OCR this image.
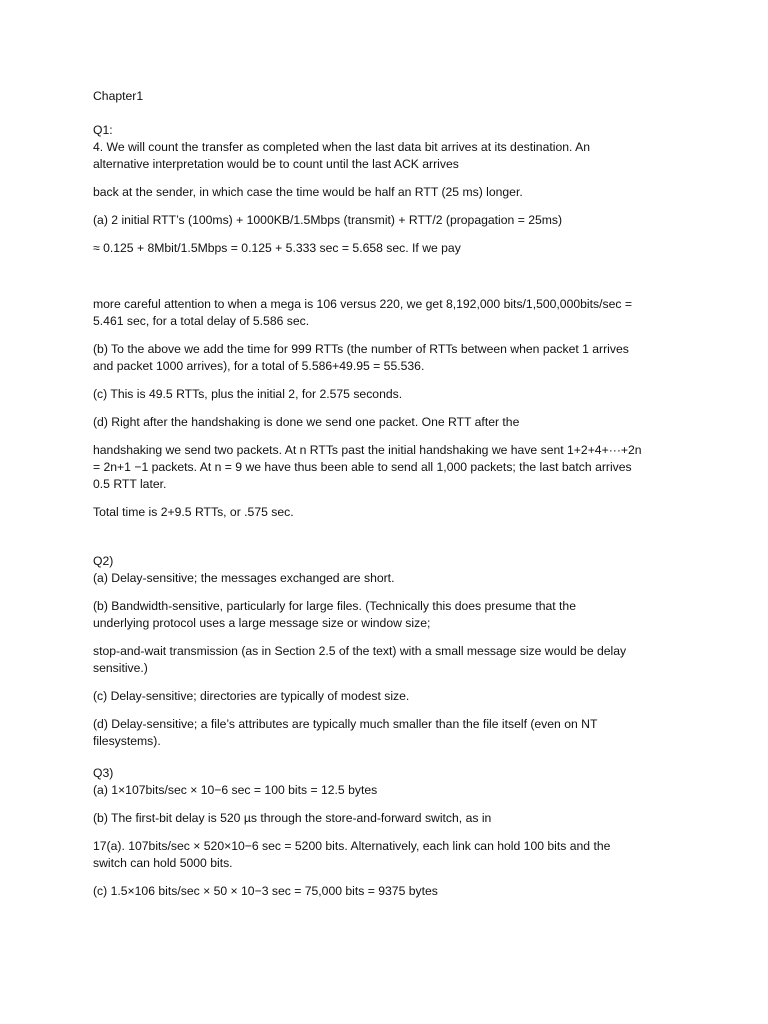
Chapter1
Q1:
4. We will count the transfer as completed when the last data bit arrives at its destination. An
alternative interpretation would be to count until the last ACK arrives
back at the sender, in which case the time would be half an RTT (25 ms) longer.
(a) 2 initial RTT’s (100ms) + 1000KB/1.5Mbps (transmit) + RTT/2 (propagation = 25ms)
≈ 0.125 + 8Mbit/1.5Mbps = 0.125 + 5.333 sec = 5.658 sec. If we pay
more careful attention to when a mega is 106 versus 220, we get 8,192,000 bits/1,500,000bits/sec =
5.461 sec, for a total delay of 5.586 sec.
(b) To the above we add the time for 999 RTTs (the number of RTTs between when packet 1 arrives
and packet 1000 arrives), for a total of 5.586+49.95 = 55.536.
(c) This is 49.5 RTTs, plus the initial 2, for 2.575 seconds.
(d) Right after the handshaking is done we send one packet. One RTT after the
handshaking we send two packets. At n RTTs past the initial handshaking we have sent 1+2+4+···+2n
= 2n+1 −1 packets. At n = 9 we have thus been able to send all 1,000 packets; the last batch arrives
0.5 RTT later.
Total time is 2+9.5 RTTs, or .575 sec.
Q2)
(a) Delay-sensitive; the messages exchanged are short.
(b) Bandwidth-sensitive, particularly for large files. (Technically this does presume that the
underlying protocol uses a large message size or window size;
stop-and-wait transmission (as in Section 2.5 of the text) with a small message size would be delay
sensitive.)
(c) Delay-sensitive; directories are typically of modest size.
(d) Delay-sensitive; a file’s attributes are typically much smaller than the file itself (even on NT
filesystems).
Q3)
(a) 1×107bits/sec × 10−6 sec = 100 bits = 12.5 bytes
(b) The first-bit delay is 520 µs through the store-and-forward switch, as in
17(a). 107bits/sec × 520×10−6 sec = 5200 bits. Alternatively, each link can hold 100 bits and the
switch can hold 5000 bits.
(c) 1.5×106 bits/sec × 50 × 10−3 sec = 75,000 bits = 9375 bytes
